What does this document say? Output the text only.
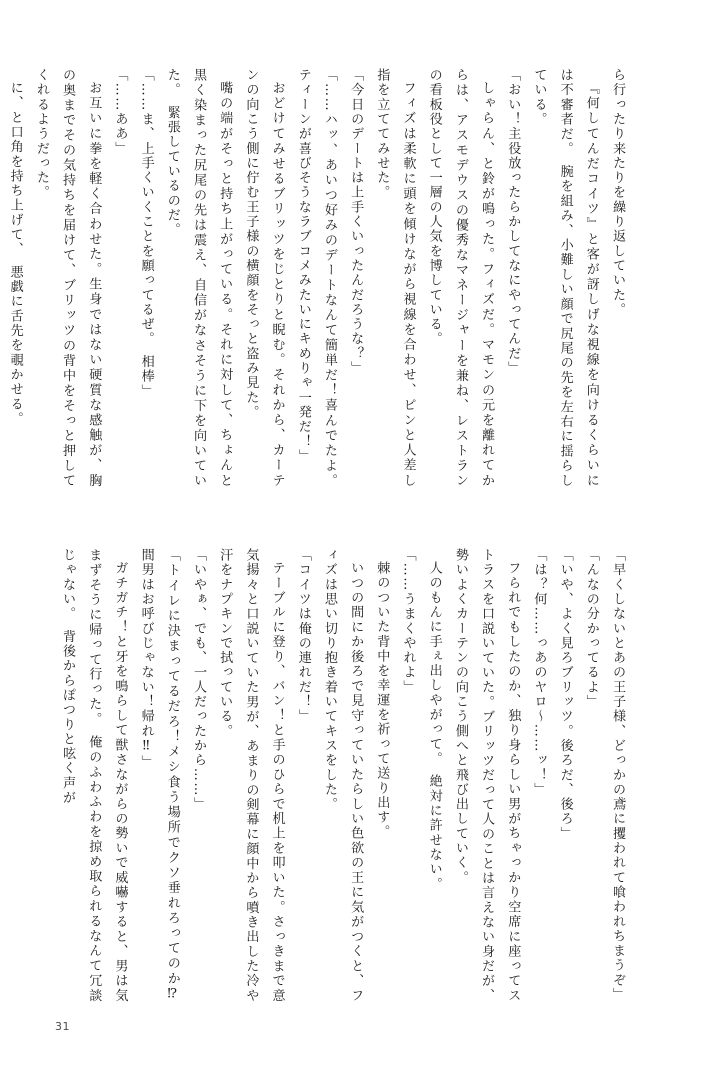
ら行ったり来たりを繰り返していた。

『何してんだコイツ』と客が訝しげな視線を向けるくらいには不審者だ。　腕を組み、小難しい顔で尻尾の先を左右に揺らしている。

「おい！主役放ったらかしてなにやってんだ」

しゃらん、と鈴が鳴った。フィズだ。マモンの元を離れてからは、アスモデウスの優秀なマネージャーを兼ね、レストランの看板役として一層の人気を博している。

フィズは柔軟に頭を傾けながら視線を合わせ、ピンと人差し指を立ててみせた。

「今日のデートは上手くいったんだろうな？」

「……ハッ、あいつ好みのデートなんて簡単だ！喜んでたよ。ティーンが喜びそうなラブコメみたいにキめりゃ一発だ！」

おどけてみせるブリッツをじとりと睨む。それから、カーテンの向こう側に佇む王子様の横顔をそっと盗み見た。

嘴の端がそっと持ち上がっている。それに対して、ちょんと黒く染まった尻尾の先は震え、自信がなさそうに下を向いていた。　緊張しているのだ。

「……ま、上手くいくことを願ってるぜ。　相棒」

「……ああ」

お互いに拳を軽く合わせた。生身ではない硬質な感触が、胸の奥までその気持ちを届けて、ブリッツの背中をそっと押してくれるようだった。

に、と口角を持ち上げて、　悪戯に舌先を覗かせる。

「早くしないとあの王子様、どっかの鳶に攫われて喰われちまうぞ」

「んなの分かってるよ」

「いや、よく見ろブリッツ。後ろだ、後ろ」

「は？何……っあのヤロ～……ッ！」

フられでもしたのか、独り身らしい男がちゃっかり空席に座ってストラスを口説いていた。ブリッツだって人のことは言えない身だが、勢いよくカーテンの向こう側へと飛び出していく。

人のもんに手ぇ出しやがって。　絶対に許せない。

「……うまくやれよ」

棘のついた背中を幸運を祈って送り出す。

いつの間にか後ろで見守っていたらしい色欲の王に気がつくと、フィズは思い切り抱き着いてキスをした。

「コイツは俺の連れだ！」

テーブルに登り、バン！と手のひらで机上を叩いた。さっきまで意気揚々と口説いていた男が、あまりの剣幕に顔中から噴き出した冷や汗をナプキンで拭っている。

「いやぁ、でも、一人だったから……」

「トイレに決まってるだろ！メシ食う場所でクソ垂れろってのか⁉　間男はお呼びじゃない！帰れ‼」

ガチガチ！と牙を鳴らして獣さながらの勢いで威嚇すると、男は気まずそうに帰って行った。　俺のふわふわを掠め取られるなんて冗談じゃない。　背後からぽつりと呟く声が

31
